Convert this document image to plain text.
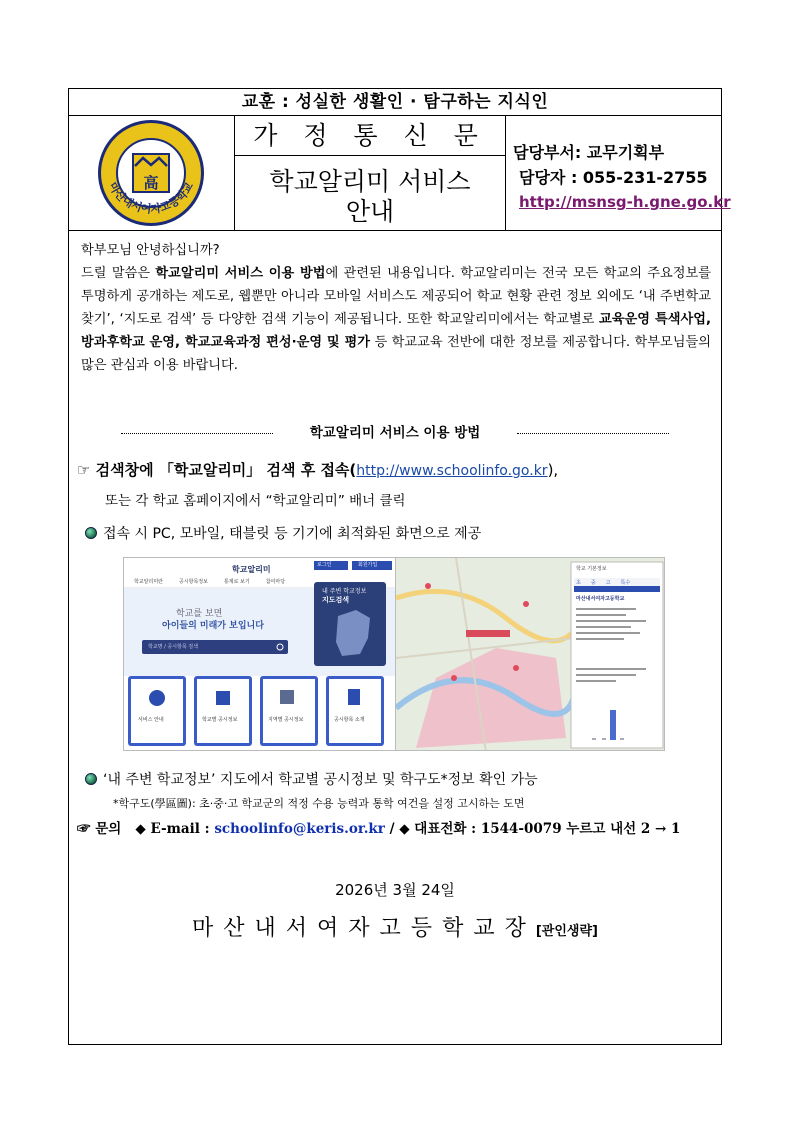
교훈 : 성실한 생활인 · 탐구하는 지식인
高
마산내서여자고등학교
가 정 통 신 문
학교알리미 서비스
안내
담당부서: 교무기획부
담당자 : 055-231-2755
http://msnsg-h.gne.go.kr
학부모님 안녕하십니까?
드릴 말씀은 학교알리미 서비스 이용 방법에 관련된 내용입니다. 학교알리미는 전국 모든 학교의 주요정보를 투명하게 공개하는 제도로, 웹뿐만 아니라 모바일 서비스도 제공되어 학교 현황 관련 정보 외에도 ‘내 주변학교 찾기’, ‘지도로 검색’ 등 다양한 검색 기능이 제공됩니다. 또한 학교알리미에서는 학교별로 교육운영 특색사업, 방과후학교 운영, 학교교육과정 편성·운영 및 평가 등 학교교육 전반에 대한 정보를 제공합니다. 학부모님들의 많은 관심과 이용 바랍니다.
학교알리미 서비스 이용 방법
☞ 검색창에 「학교알리미」 검색 후 접속(http://www.schoolinfo.go.kr),
또는 각 학교 홈페이지에서 “학교알리미” 배너 클릭
접속 시 PC, 모바일, 태블릿 등 기기에 최적화된 화면으로 제공
학교알리미	로그인	회원가입
학교알리미란	공시항목정보	통계로 보기	참여마당
학교를 보면
아이들의 미래가 보입니다
학교명 / 공시항목 검색
내 주변 학교정보
지도검색
서비스 안내	학교별 공시정보	지역별 공시정보	공시항목 소개
학교 기본정보
초 중 고 특수
마산내서여자고등학교
‘내 주변 학교정보’ 지도에서 학교별 공시정보 및 학구도*정보 확인 가능
*학구도(學區圖): 초·중·고 학교군의 적정 수용 능력과 통학 여건을 설정 고시하는 도면
☞ 문의 ◆ E-mail : schoolinfo@keris.or.kr / ◆ 대표전화 : 1544-0079 누르고 내선 2 → 1
2026년 3월 24일
마산내서여자고등학교장[관인생략]
